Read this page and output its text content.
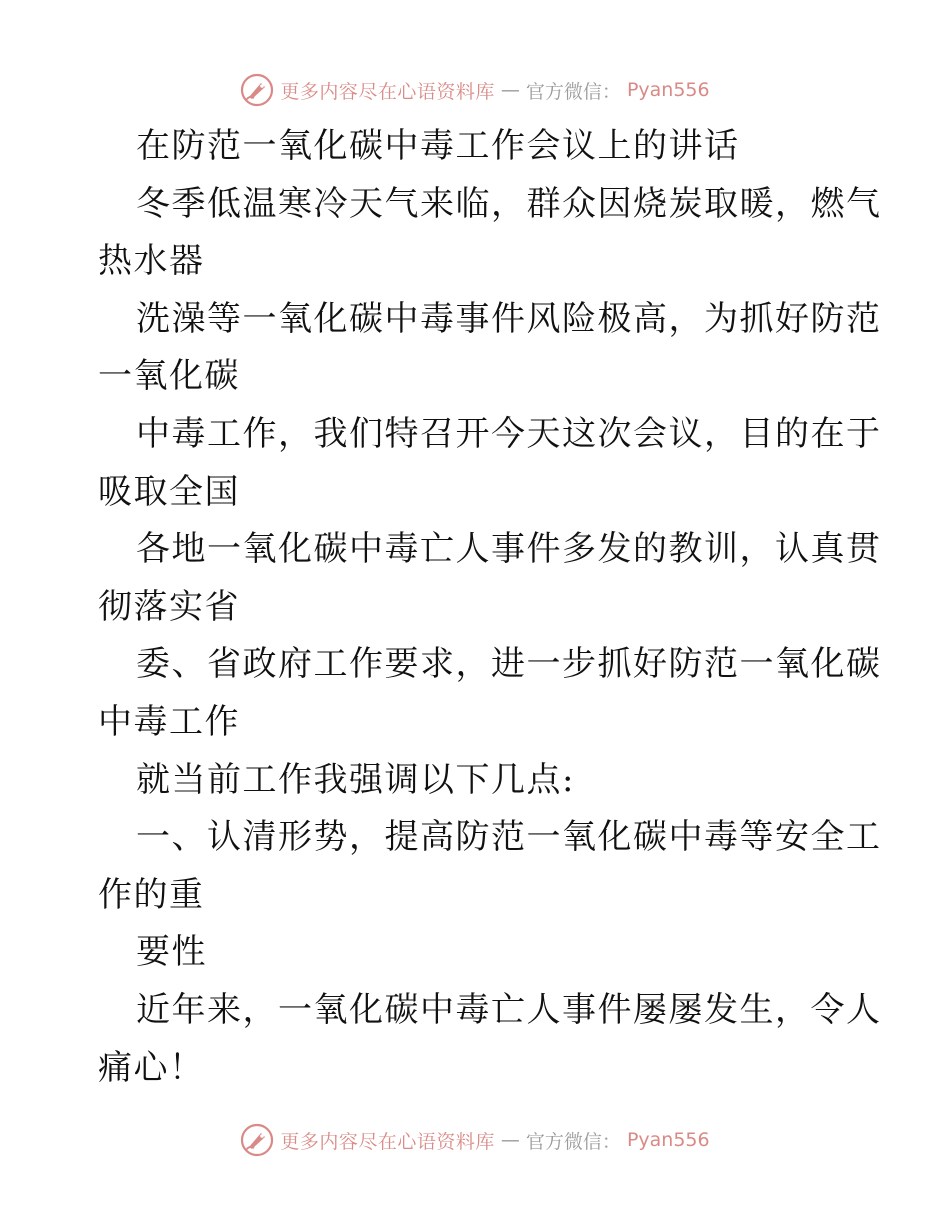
更多内容尽在心语资料库 — 官方微信： Pyan556
在防范一氧化碳中毒工作会议上的讲话
冬季低温寒冷天气来临，群众因烧炭取暖，燃气
热水器
洗澡等一氧化碳中毒事件风险极高，为抓好防范
一氧化碳
中毒工作，我们特召开今天这次会议，目的在于
吸取全国
各地一氧化碳中毒亡人事件多发的教训，认真贯
彻落实省
委、省政府工作要求，进一步抓好防范一氧化碳
中毒工作
就当前工作我强调以下几点:
一、认清形势，提高防范一氧化碳中毒等安全工
作的重
要性
近年来，一氧化碳中毒亡人事件屡屡发生，令人
痛心！
更多内容尽在心语资料库 — 官方微信： Pyan556
